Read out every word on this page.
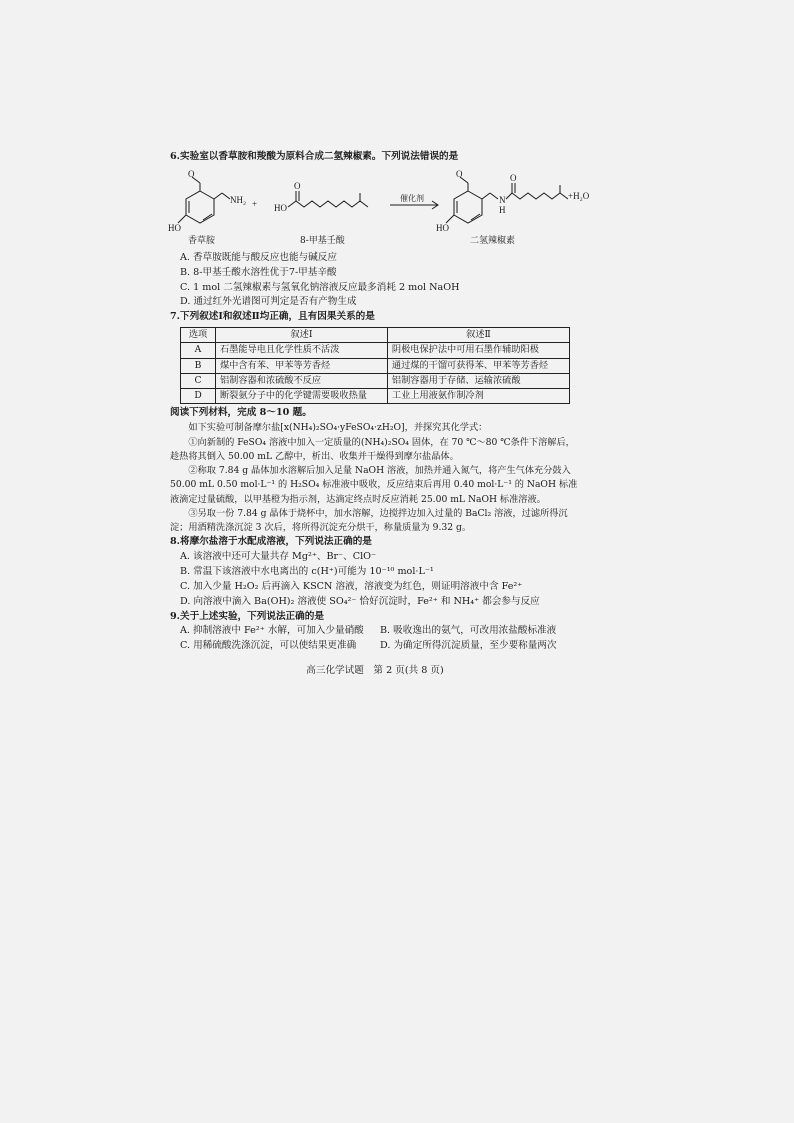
6.实验室以香草胺和羧酸为原料合成二氢辣椒素。下列说法错误的是

O
NH₂
HO
+
O
HO
催化剂
O
HO
N
H
O
+H₂O
香草胺	8-甲基壬酸	二氢辣椒素

A. 香草胺既能与酸反应也能与碱反应

B. 8-甲基壬酸水溶性优于7-甲基辛酸

C. 1 mol 二氢辣椒素与氢氧化钠溶液反应最多消耗 2 mol NaOH

D. 通过红外光谱图可判定是否有产物生成

7.下列叙述Ⅰ和叙述Ⅱ均正确，且有因果关系的是

选项	叙述Ⅰ	叙述Ⅱ
A	石墨能导电且化学性质不活泼	阴极电保护法中可用石墨作辅助阳极
B	煤中含有苯、甲苯等芳香烃	通过煤的干馏可获得苯、甲苯等芳香烃
C	铝制容器和浓硫酸不反应	铝制容器用于存储、运输浓硫酸
D	断裂氨分子中的化学键需要吸收热量	工业上用液氨作制冷剂

阅读下列材料，完成 8～10 题。

如下实验可制备摩尔盐[x(NH₄)₂SO₄·yFeSO₄·zH₂O]，并探究其化学式：

①向新制的 FeSO₄ 溶液中加入一定质量的(NH₄)₂SO₄ 固体，在 70 ℃～80 ℃条件下溶解后，趁热将其倒入 50.00 mL 乙醇中，析出、收集并干燥得到摩尔盐晶体。

②称取 7.84 g 晶体加水溶解后加入足量 NaOH 溶液，加热并通入氮气，将产生气体充分鼓入 50.00 mL 0.50 mol·L⁻¹ 的 H₂SO₄ 标准液中吸收，反应结束后再用 0.40 mol·L⁻¹ 的 NaOH 标准液滴定过量硫酸，以甲基橙为指示剂，达滴定终点时反应消耗 25.00 mL NaOH 标准溶液。

③另取一份 7.84 g 晶体于烧杯中，加水溶解，边搅拌边加入过量的 BaCl₂ 溶液，过滤所得沉淀；用酒精洗涤沉淀 3 次后，将所得沉淀充分烘干，称量质量为 9.32 g。

8.将摩尔盐溶于水配成溶液，下列说法正确的是

A. 该溶液中还可大量共存 Mg²⁺、Br⁻、ClO⁻

B. 常温下该溶液中水电离出的 c(H⁺)可能为 10⁻¹⁰ mol·L⁻¹

C. 加入少量 H₂O₂ 后再滴入 KSCN 溶液，溶液变为红色，则证明溶液中含 Fe²⁺

D. 向溶液中滴入 Ba(OH)₂ 溶液使 SO₄²⁻ 恰好沉淀时，Fe²⁺ 和 NH₄⁺ 都会参与反应

9.关于上述实验，下列说法正确的是

A. 抑制溶液中 Fe²⁺ 水解，可加入少量硝酸	B. 吸收逸出的氨气，可改用浓盐酸标准液

C. 用稀硫酸洗涤沉淀，可以使结果更准确	D. 为确定所得沉淀质量，至少要称量两次

高三化学试题　第 2 页(共 8 页)
